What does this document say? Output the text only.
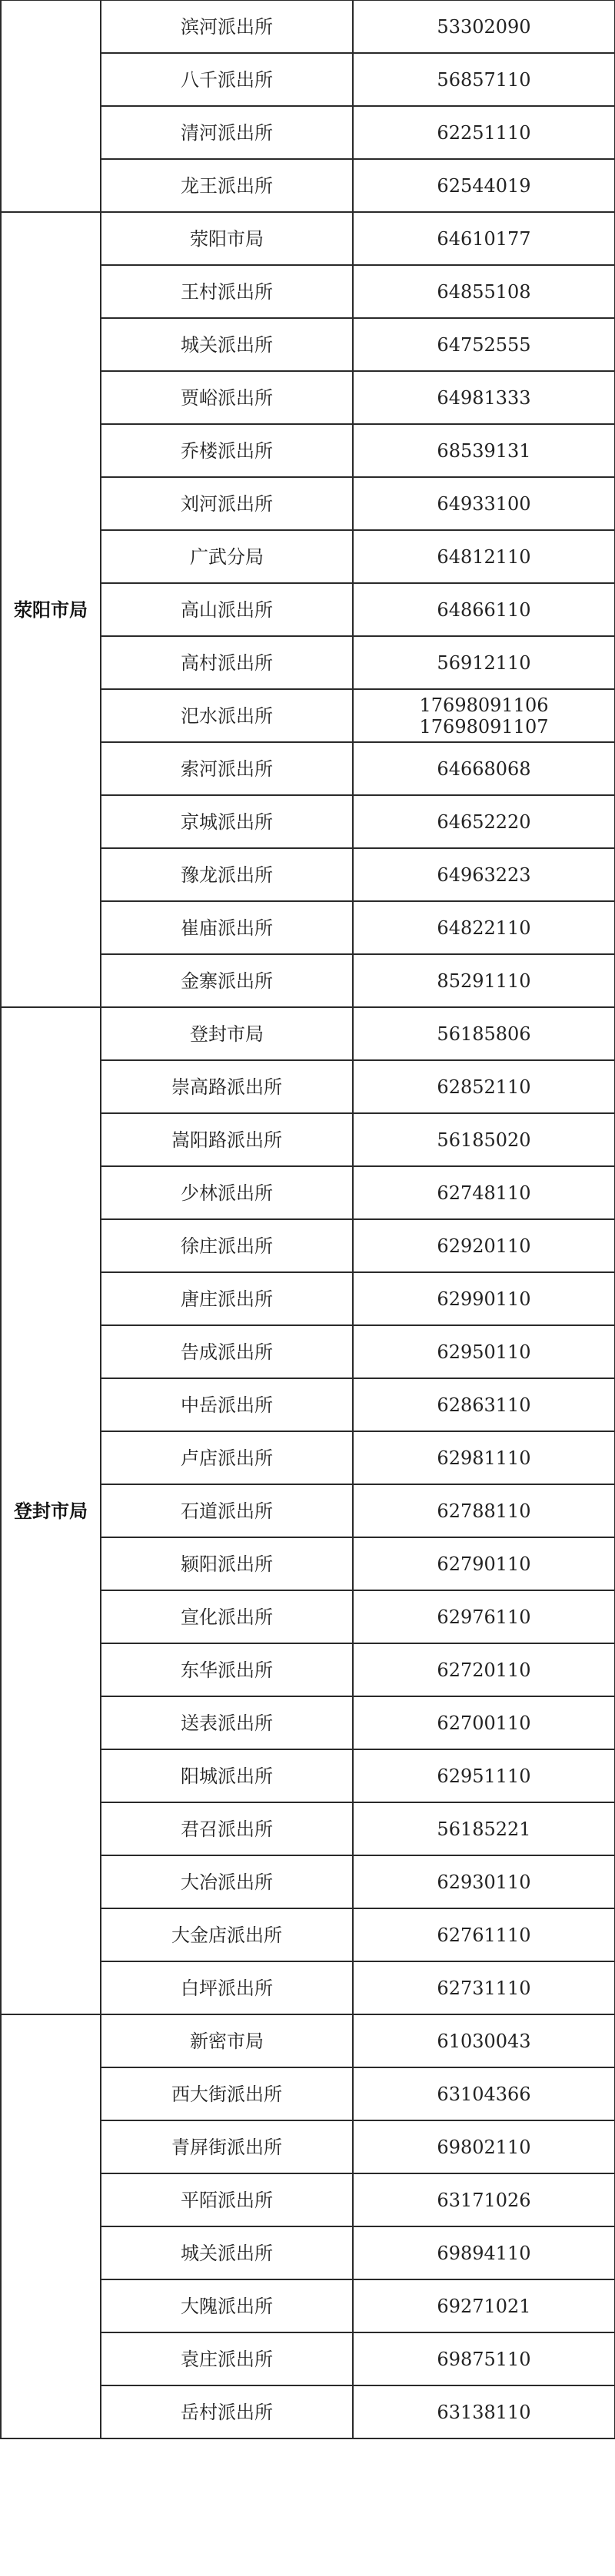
	滨河派出所	53302090

	八千派出所	56857110

	清河派出所	62251110

	龙王派出所	62544019

荥阳市局	荥阳市局	64610177

	王村派出所	64855108

	城关派出所	64752555

	贾峪派出所	64981333

	乔楼派出所	68539131

	刘河派出所	64933100

	广武分局	64812110

	高山派出所	64866110

	高村派出所	56912110

	汜水派出所	17698091106
17698091107

	索河派出所	64668068

	京城派出所	64652220

	豫龙派出所	64963223

	崔庙派出所	64822110

	金寨派出所	85291110

登封市局	登封市局	56185806

	崇高路派出所	62852110

	嵩阳路派出所	56185020

	少林派出所	62748110

	徐庄派出所	62920110

	唐庄派出所	62990110

	告成派出所	62950110

	中岳派出所	62863110

	卢店派出所	62981110

	石道派出所	62788110

	颍阳派出所	62790110

	宣化派出所	62976110

	东华派出所	62720110

	送表派出所	62700110

	阳城派出所	62951110

	君召派出所	56185221

	大冶派出所	62930110

	大金店派出所	62761110

	白坪派出所	62731110

	新密市局	61030043

	西大街派出所	63104366

	青屏街派出所	69802110

	平陌派出所	63171026

	城关派出所	69894110

	大隗派出所	69271021

	袁庄派出所	69875110

	岳村派出所	63138110
